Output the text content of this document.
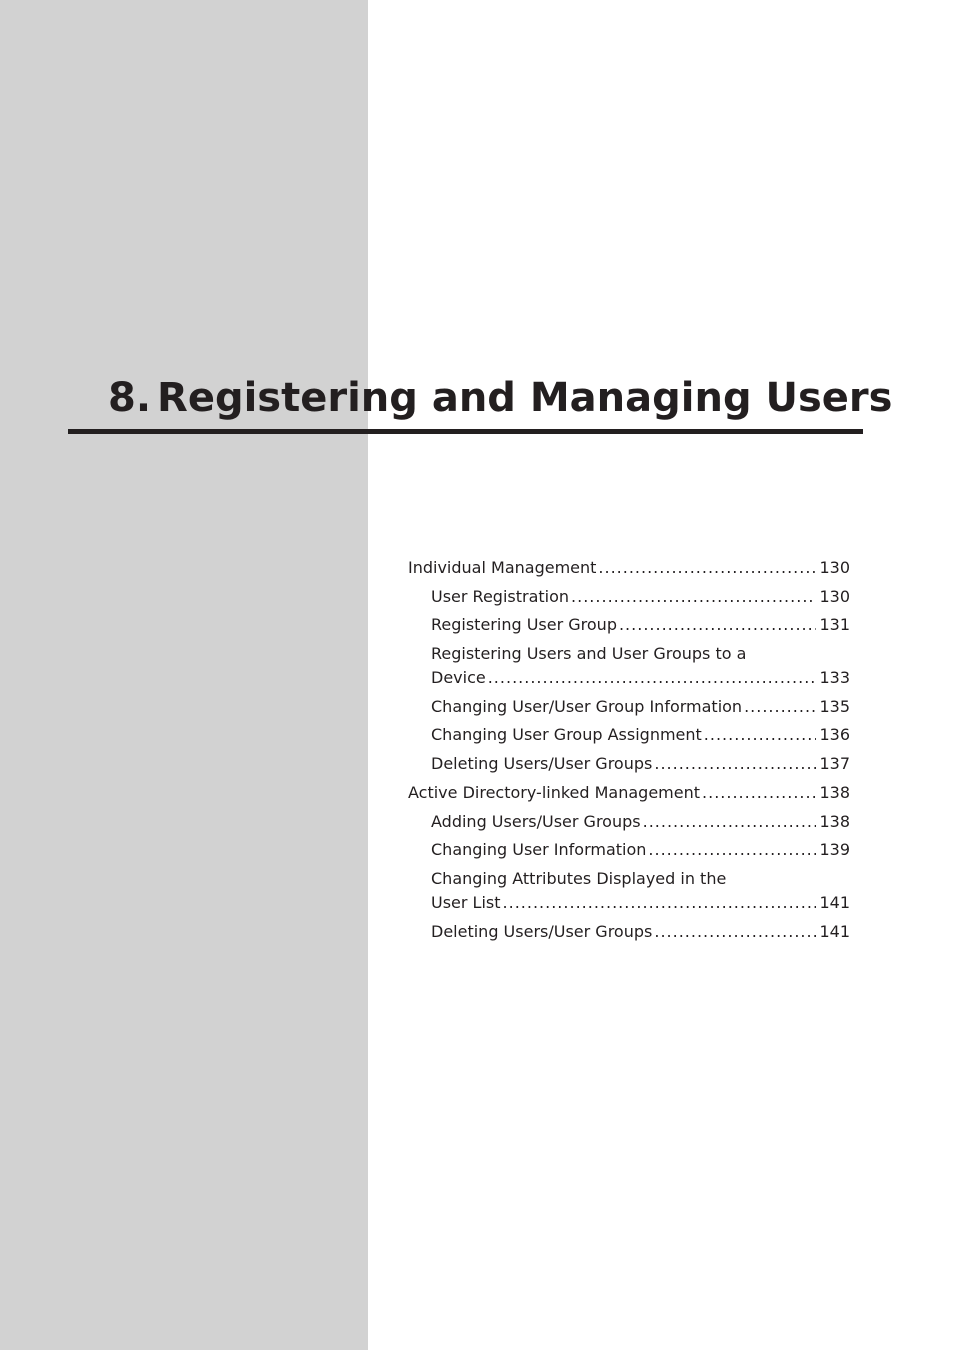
8. Registering and Managing Users
Individual Management .....	130
User Registration .....	130
Registering User Group .....	131
Registering Users and User Groups to a
Device .....	133
Changing User/User Group Information .....	135
Changing User Group Assignment .....	136
Deleting Users/User Groups .....	137
Active Directory-linked Management .....	138
Adding Users/User Groups .....	138
Changing User Information .....	139
Changing Attributes Displayed in the
User List .....	141
Deleting Users/User Groups .....	141
